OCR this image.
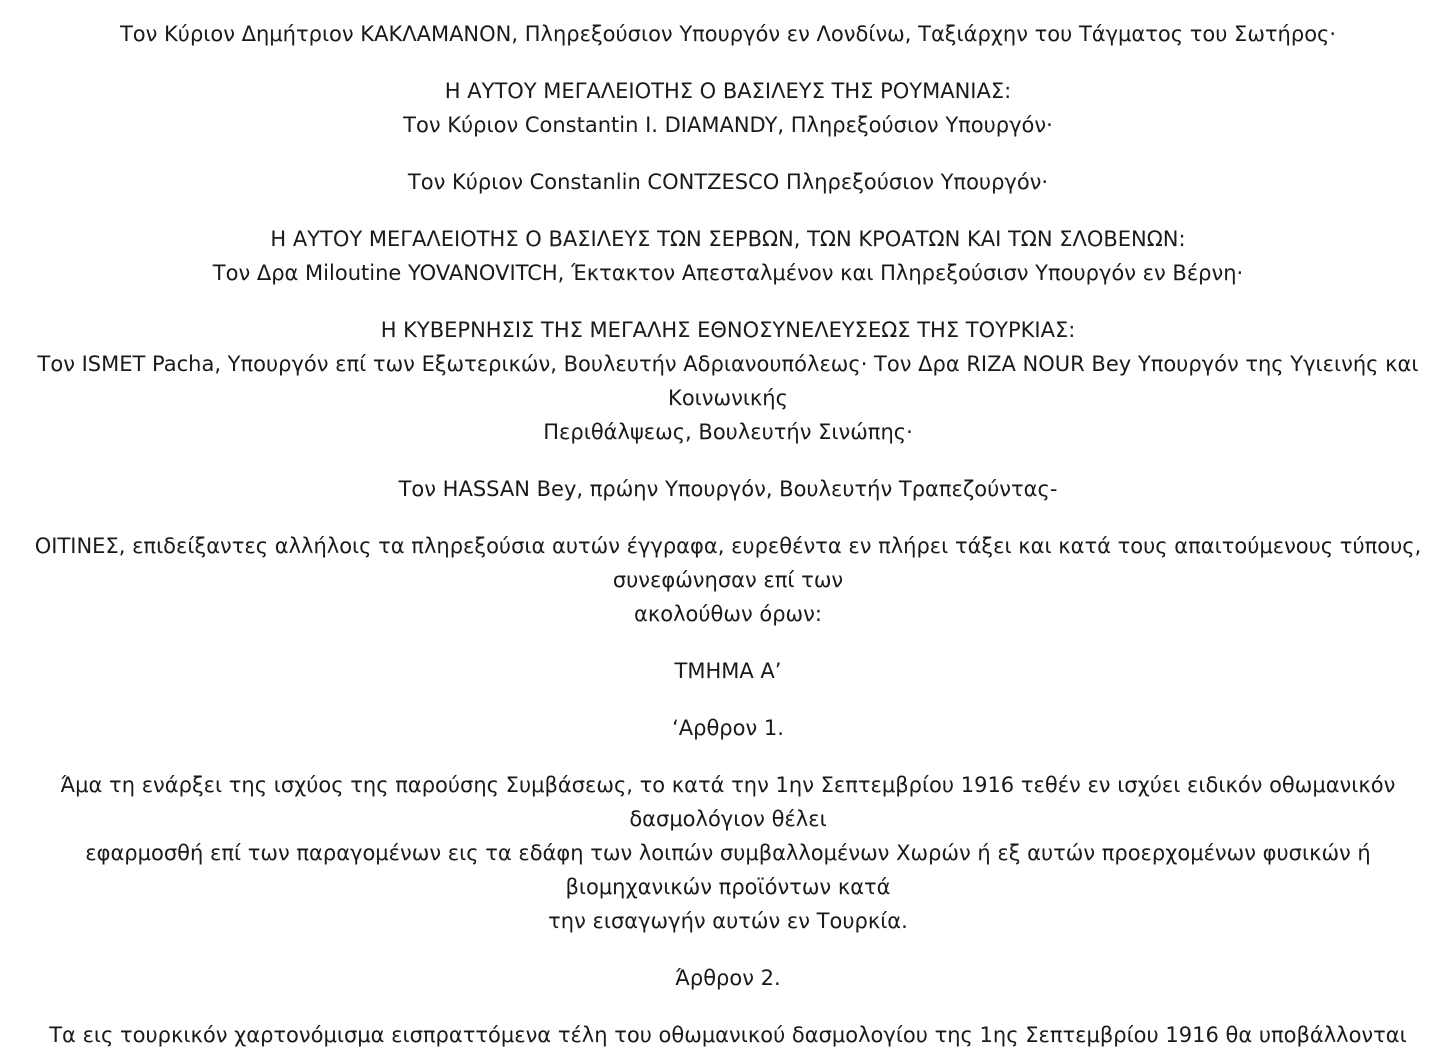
Τον Κύριον Δημήτριον ΚΑΚΛΑΜΑΝΟΝ, Πληρεξούσιον Υπουργόν εν Λονδίνω, Ταξιάρχην του Τάγματος του Σωτήρος·
Η ΑΥΤΟΥ ΜΕΓΑΛΕΙΟΤΗΣ Ο ΒΑΣΙΛΕΥΣ ΤΗΣ ΡΟΥΜΑΝΙΑΣ:
Τον Κύριον Constantin I. DIAMANDY, Πληρεξούσιον Υπουργόν·
Τον Κύριον Constanlin CONTZESCO Πληρεξούσιον Υπουργόν·
Η ΑΥΤΟΥ ΜΕΓΑΛΕΙΟΤΗΣ Ο ΒΑΣΙΛΕΥΣ ΤΩΝ ΣΕΡΒΩΝ, ΤΩΝ ΚΡΟΑΤΩΝ ΚΑΙ ΤΩΝ ΣΛΟΒΕΝΩΝ:
Τον Δρα Miloutine YOVANOVITCH, Έκτακτον Απεσταλμένον και Πληρεξούσισν Υπουργόν εν Βέρνη·
Η ΚΥΒΕΡΝΗΣΙΣ ΤΗΣ ΜΕΓΑΛΗΣ ΕΘΝΟΣΥΝΕΛΕΥΣΕΩΣ ΤΗΣ ΤΟΥΡΚΙΑΣ:
Τον ISMET Pacha, Υπουργόν επί των Εξωτερικών, Βουλευτήν Αδριανουπόλεως· Τον Δρα RIZA NOUR Bey Υπουργόν της Υγιεινής και
Κοινωνικής
Περιθάλψεως, Βουλευτήν Σινώπης·
Τον HASSAN Bey, πρώην Υπουργόν, Βουλευτήν Τραπεζούντας-
ΟΙΤΙΝΕΣ, επιδείξαντες αλλήλοις τα πληρεξούσια αυτών έγγραφα, ευρεθέντα εν πλήρει τάξει και κατά τους απαιτούμενους τύπους,
συνεφώνησαν επί των
ακολούθων όρων:
ΤΜΗΜΑ Α’
‘Αρθρον 1.
Άμα τη ενάρξει της ισχύος της παρούσης Συμβάσεως, το κατά την 1ην Σεπτεμβρίου 1916 τεθέν εν ισχύει ειδικόν οθωμανικόν
δασμολόγιον θέλει
εφαρμοσθή επί των παραγομένων εις τα εδάφη των λοιπών συμβαλλομένων Χωρών ή εξ αυτών προερχομένων φυσικών ή
βιομηχανικών προϊόντων κατά
την εισαγωγήν αυτών εν Τουρκία.
Άρθρον 2.
Τα εις τουρκικόν χαρτονόμισμα εισπραττόμενα τέλη του οθωμανικού δασμολογίου της 1ης Σεπτεμβρίου 1916 θα υποβάλλονται
